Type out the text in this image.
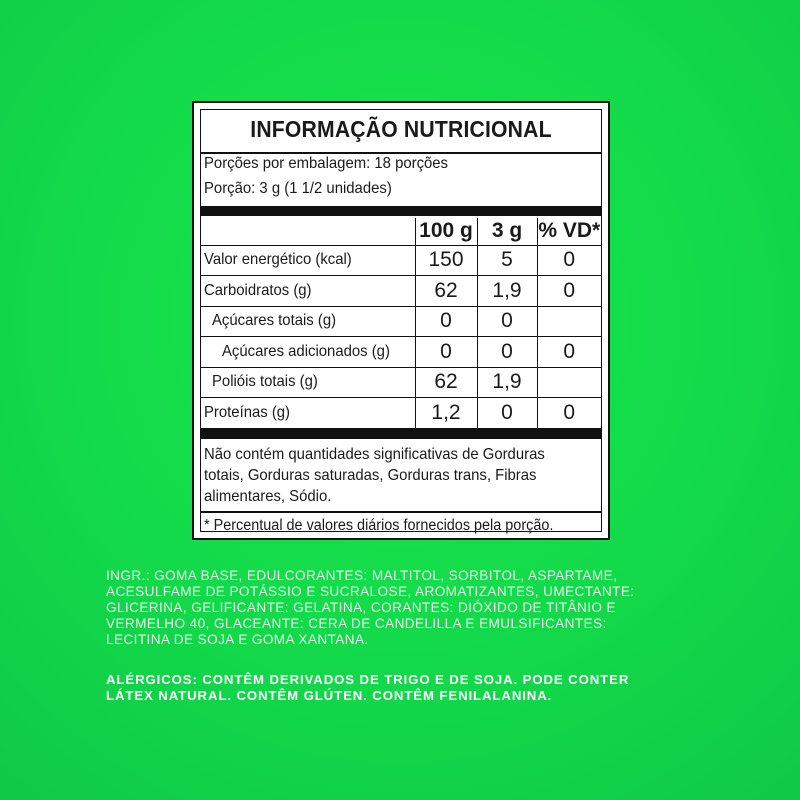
INFORMAÇÃO NUTRICIONAL
Porções por embalagem: 18 porções
Porção: 3 g (1 1/2 unidades)
	100 g	3 g	% VD*
Valor energético (kcal)	150	5	0
Carboidratos (g)	62	1,9	0
Açúcares totais (g)	0	0	
Açúcares adicionados (g)	0	0	0
Polióis totais (g)	62	1,9	
Proteínas (g)	1,2	0	0
Não contém quantidades significativas de Gorduras
totais, Gorduras saturadas, Gorduras trans, Fibras
alimentares, Sódio.
* Percentual de valores diários fornecidos pela porção.
INGR.: GOMA BASE, EDULCORANTES: MALTITOL, SORBITOL, ASPARTAME,
ACESULFAME DE POTÁSSIO E SUCRALOSE, AROMATIZANTES, UMECTANTE:
GLICERINA, GELIFICANTE: GELATINA, CORANTES: DIÓXIDO DE TITÂNIO E
VERMELHO 40, GLACEANTE: CERA DE CANDELILLA E EMULSIFICANTES:
LECITINA DE SOJA E GOMA XANTANA.
ALÉRGICOS: CONTÊM DERIVADOS DE TRIGO E DE SOJA. PODE CONTER
LÁTEX NATURAL. CONTÊM GLÚTEN. CONTÊM FENILALANINA.
